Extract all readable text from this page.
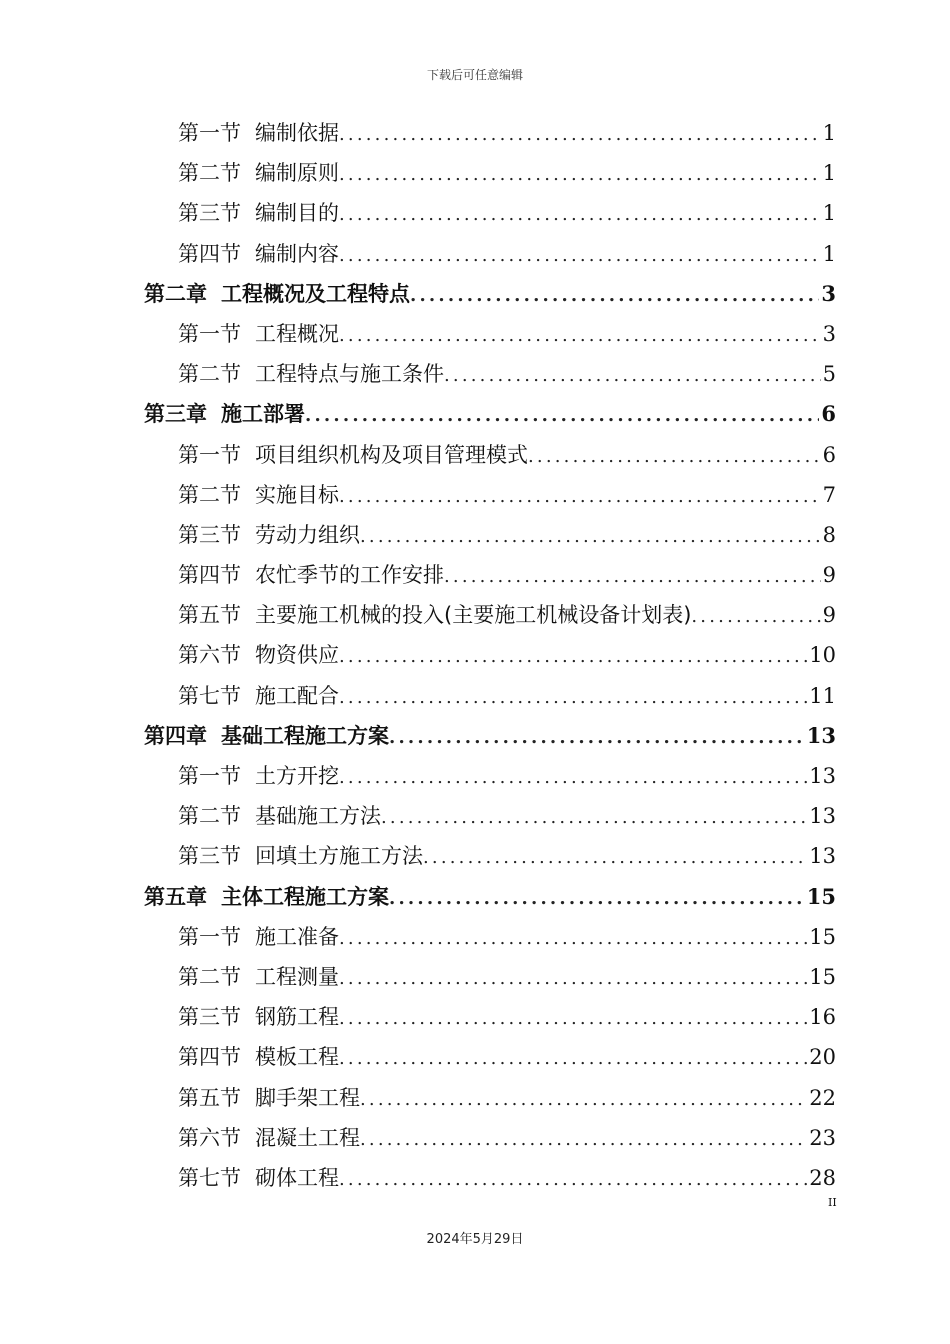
下载后可任意编辑
第一节 编制依据 .....	1
第二节 编制原则 .....	1
第三节 编制目的 .....	1
第四节 编制内容 .....	1
第二章 工程概况及工程特点 .....	3
第一节 工程概况 .....	3
第二节 工程特点与施工条件 .....	5
第三章 施工部署 .....	6
第一节 项目组织机构及项目管理模式 .....	6
第二节 实施目标 .....	7
第三节 劳动力组织 .....	8
第四节 农忙季节的工作安排 .....	9
第五节 主要施工机械的投入(主要施工机械设备计划表) .....	9
第六节 物资供应 .....	10
第七节 施工配合 .....	11
第四章 基础工程施工方案 .....	13
第一节 土方开挖 .....	13
第二节 基础施工方法 .....	13
第三节 回填土方施工方法 .....	13
第五章 主体工程施工方案 .....	15
第一节 施工准备 .....	15
第二节 工程测量 .....	15
第三节 钢筋工程 .....	16
第四节 模板工程 .....	20
第五节 脚手架工程 .....	22
第六节 混凝土工程 .....	23
第七节 砌体工程 .....	28
II
2024年5月29日
